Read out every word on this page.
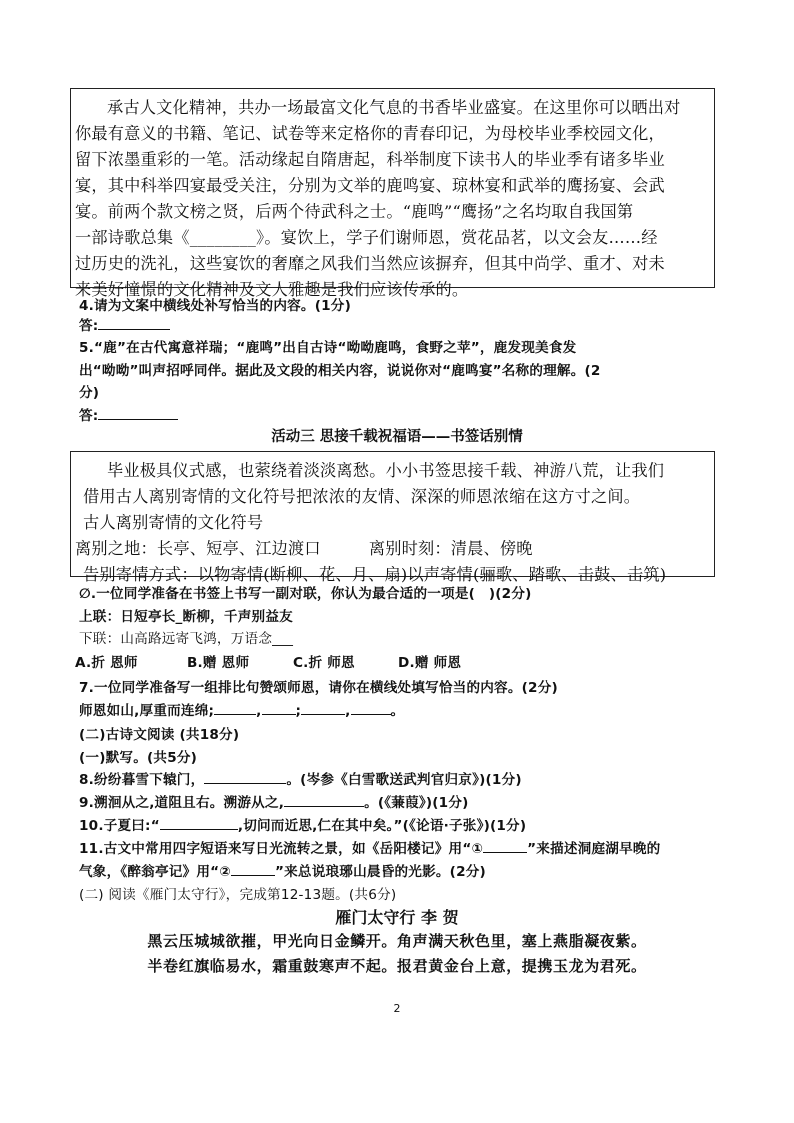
承古人文化精神，共办一场最富文化气息的书香毕业盛宴。在这里你可以晒出对

你最有意义的书籍、笔记、试卷等来定格你的青春印记，为母校毕业季校园文化，

留下浓墨重彩的一笔。活动缘起自隋唐起，科举制度下读书人的毕业季有诸多毕业

宴，其中科举四宴最受关注，分别为文举的鹿鸣宴、琼林宴和武举的鹰扬宴、会武

宴。前两个款文榜之贤，后两个待武科之士。“鹿鸣”“鹰扬”之名均取自我国第

一部诗歌总集《________》。宴饮上，学子们谢师恩，赏花品茗，以文会友……经

过历史的洗礼，这些宴饮的奢靡之风我们当然应该摒弃，但其中尚学、重才、对未

来美好憧憬的文化精神及文人雅趣是我们应该传承的。

4.请为文案中横线处补写恰当的内容。(1分)
答:
5.“鹿”在古代寓意祥瑞；“鹿鸣”出自古诗“呦呦鹿鸣，食野之苹”，鹿发现美食发
出“呦呦”叫声招呼同伴。据此及文段的相关内容，说说你对“鹿鸣宴”名称的理解。(2
分)
答:
活动三 思接千载祝福语——书签话别情

毕业极具仪式感，也萦绕着淡淡离愁。小小书签思接千载、神游八荒，让我们

借用古人离别寄情的文化符号把浓浓的友情、深深的师恩浓缩在这方寸之间。

古人离别寄情的文化符号

离别之地：长亭、短亭、江边渡口	离别时刻：清晨、傍晚

告别寄情方式：以物寄情(断柳、花、月、扇)以声寄情(骊歌、踏歌、击鼓、击筑)

∅.一位同学准备在书签上书写一副对联，你认为最合适的一项是(　)(2分)
上联：日短亭长_断柳，千声别益友
下联：山高路远寄飞鸿，万语念___
A.折 恩师	B.赠 恩师	C.折 师恩	D.赠 师恩
7.一位同学准备写一组排比句赞颂师恩，请你在横线处填写恰当的内容。(2分)
师恩如山,厚重而连绵;	,	;	,	。
(二)古诗文阅读 (共18分)
(一)默写。(共5分)
8.纷纷暮雪下辕门，	。(岑参《白雪歌送武判官归京》)(1分)
9.溯洄从之,道阻且右。溯游从之,	。(《蒹葭》)(1分)
10.子夏曰:“	,切问而近思,仁在其中矣。”(《论语·子张》)(1分)
11.古文中常用四字短语来写日光流转之景，如《岳阳楼记》用“①	”来描述洞庭湖早晚的
气象，《醉翁亭记》用“②	”来总说琅琊山晨昏的光影。(2分)
(二) 阅读《雁门太守行》，完成第12-13题。(共6分)
雁门太守行 李 贺
黑云压城城欲摧，甲光向日金鳞开。角声满天秋色里，塞上燕脂凝夜紫。
半卷红旗临易水，霜重鼓寒声不起。报君黄金台上意，提携玉龙为君死。
2
